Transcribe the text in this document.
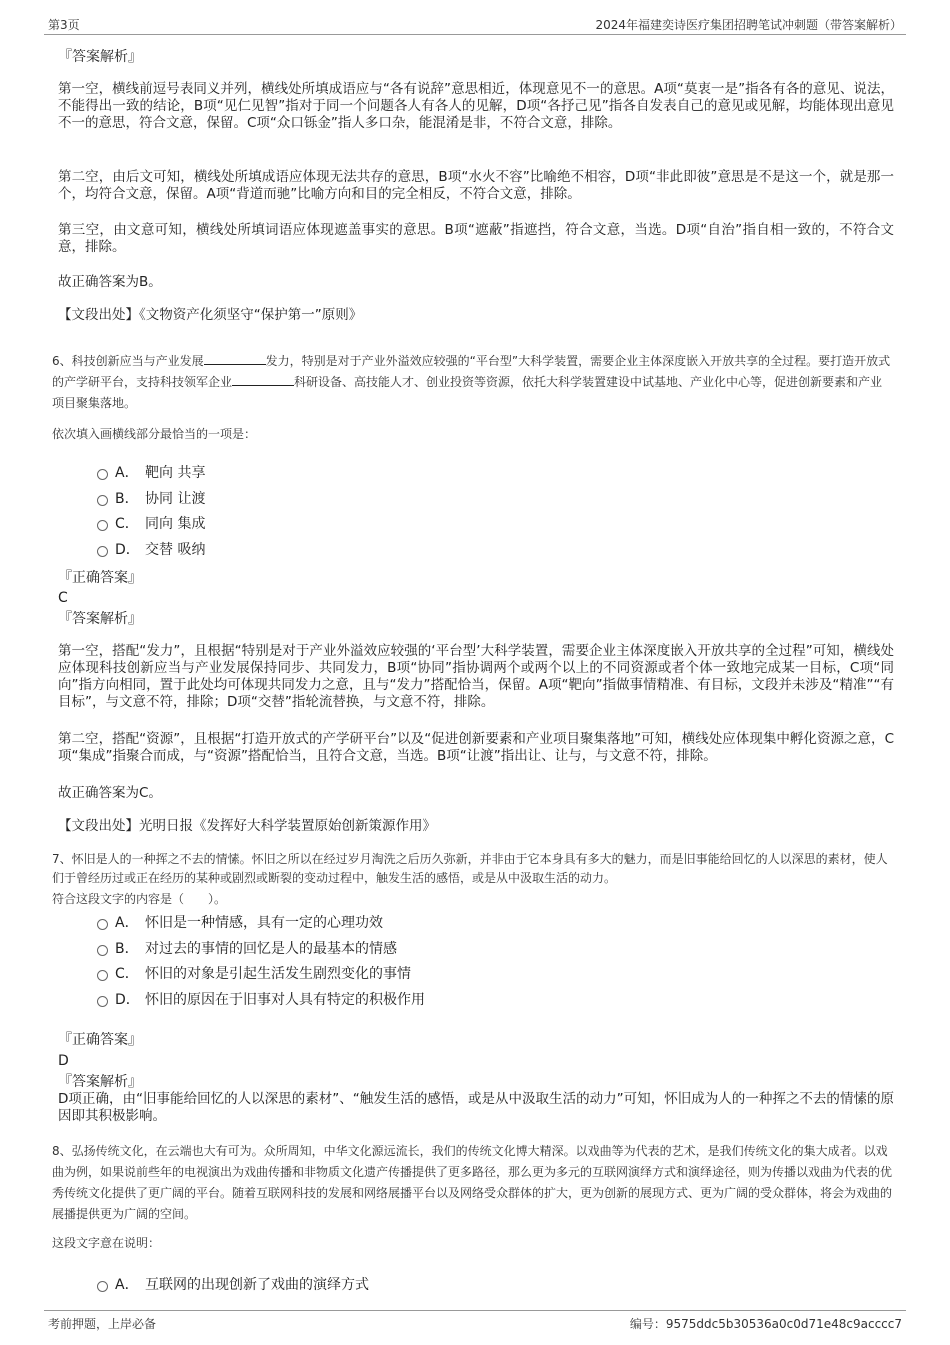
第3页	2024年福建奕诗医疗集团招聘笔试冲刺题（带答案解析）

『答案解析』

第一空，横线前逗号表同义并列，横线处所填成语应与“各有说辞”意思相近，体现意见不一的意思。A项“莫衷一是”指各有各的意见、说法，不能得出一致的结论，B项“见仁见智”指对于同一个问题各人有各人的见解，D项“各抒己见”指各自发表自己的意见或见解，均能体现出意见不一的意思，符合文意，保留。C项“众口铄金”指人多口杂，能混淆是非，不符合文意，排除。

第二空，由后文可知，横线处所填成语应体现无法共存的意思，B项“水火不容”比喻绝不相容，D项“非此即彼”意思是不是这一个，就是那一个，均符合文意，保留。A项“背道而驰”比喻方向和目的完全相反，不符合文意，排除。

第三空，由文意可知，横线处所填词语应体现遮盖事实的意思。B项“遮蔽”指遮挡，符合文意，当选。D项“自治”指自相一致的，不符合文意，排除。

故正确答案为B。

【文段出处】《文物资产化须坚守“保护第一”原则》

6、科技创新应当与产业发展	发力，特别是对于产业外溢效应较强的“平台型”大科学装置，需要企业主体深度嵌入开放共享的全过程。要打造开放式的产学研平台，支持科技领军企业	科研设备、高技能人才、创业投资等资源，依托大科学装置建设中试基地、产业化中心等，促进创新要素和产业项目聚集落地。

依次填入画横线部分最恰当的一项是：

A． 靶向 共享
B． 协同 让渡
C． 同向 集成
D． 交替 吸纳

『正确答案』

C

『答案解析』

第一空，搭配“发力”，且根据“特别是对于产业外溢效应较强的‘平台型’大科学装置，需要企业主体深度嵌入开放共享的全过程”可知，横线处应体现科技创新应当与产业发展保持同步、共同发力，B项“协同”指协调两个或两个以上的不同资源或者个体一致地完成某一目标，C项“同向”指方向相同，置于此处均可体现共同发力之意，且与“发力”搭配恰当，保留。A项“靶向”指做事情精准、有目标，文段并未涉及“精准”“有目标”，与文意不符，排除；D项“交替”指轮流替换，与文意不符，排除。

第二空，搭配“资源”，且根据“打造开放式的产学研平台”以及“促进创新要素和产业项目聚集落地”可知，横线处应体现集中孵化资源之意，C项“集成”指聚合而成，与“资源”搭配恰当，且符合文意，当选。B项“让渡”指出让、让与，与文意不符，排除。

故正确答案为C。

【文段出处】光明日报《发挥好大科学装置原始创新策源作用》

7、怀旧是人的一种挥之不去的情愫。怀旧之所以在经过岁月淘洗之后历久弥新，并非由于它本身具有多大的魅力，而是旧事能给回忆的人以深思的素材，使人们于曾经历过或正在经历的某种或剧烈或断裂的变动过程中，触发生活的感悟，或是从中汲取生活的动力。

符合这段文字的内容是（　　）。

A． 怀旧是一种情感，具有一定的心理功效
B． 对过去的事情的回忆是人的最基本的情感
C． 怀旧的对象是引起生活发生剧烈变化的事情
D． 怀旧的原因在于旧事对人具有特定的积极作用

『正确答案』

D

『答案解析』

D项正确，由“旧事能给回忆的人以深思的素材”、“触发生活的感悟，或是从中汲取生活的动力”可知，怀旧成为人的一种挥之不去的情愫的原因即其积极影响。

8、弘扬传统文化，在云端也大有可为。众所周知，中华文化源远流长，我们的传统文化博大精深。以戏曲等为代表的艺术，是我们传统文化的集大成者。以戏曲为例，如果说前些年的电视演出为戏曲传播和非物质文化遗产传播提供了更多路径，那么更为多元的互联网演绎方式和演绎途径，则为传播以戏曲为代表的优秀传统文化提供了更广阔的平台。随着互联网科技的发展和网络展播平台以及网络受众群体的扩大，更为创新的展现方式、更为广阔的受众群体，将会为戏曲的展播提供更为广阔的空间。

这段文字意在说明：

A． 互联网的出现创新了戏曲的演绎方式
考前押题，上岸必备	编号：9575ddc5b30536a0c0d71e48c9acccc7
